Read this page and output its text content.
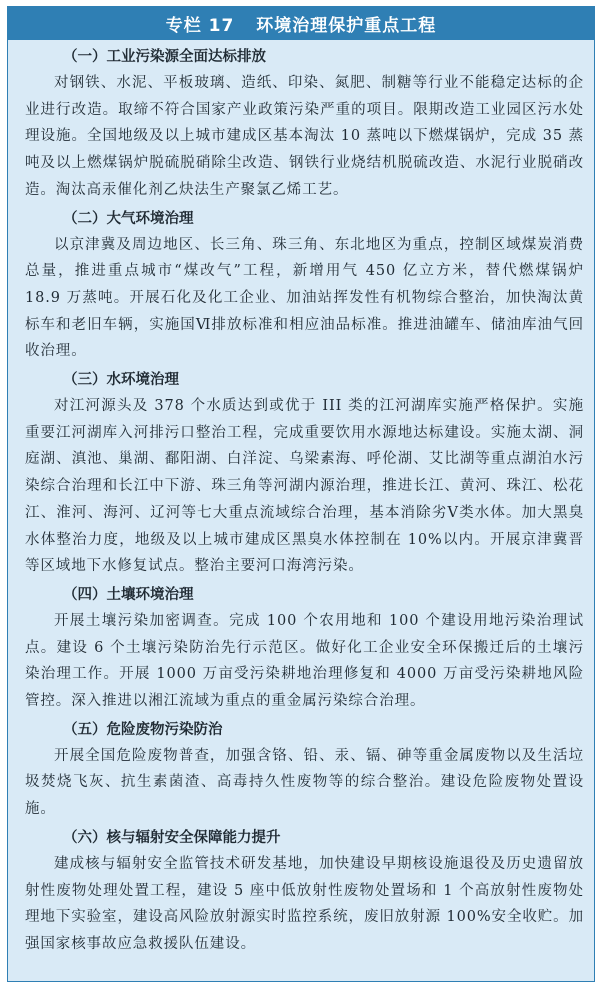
专栏 17 环境治理保护重点工程
（一）工业污染源全面达标排放

对钢铁、水泥、平板玻璃、造纸、印染、氮肥、制糖等行业不能稳定达标的企业进行改造。取缔不符合国家产业政策污染严重的项目。限期改造工业园区污水处理设施。全国地级及以上城市建成区基本淘汰 10 蒸吨以下燃煤锅炉，完成 35 蒸吨及以上燃煤锅炉脱硫脱硝除尘改造、钢铁行业烧结机脱硫改造、水泥行业脱硝改造。淘汰高汞催化剂乙炔法生产聚氯乙烯工艺。

（二）大气环境治理

以京津冀及周边地区、长三角、珠三角、东北地区为重点，控制区域煤炭消费总量，推进重点城市“煤改气”工程，新增用气 450 亿立方米，替代燃煤锅炉 18.9 万蒸吨。开展石化及化工企业、加油站挥发性有机物综合整治，加快淘汰黄标车和老旧车辆，实施国Ⅵ排放标准和相应油品标准。推进油罐车、储油库油气回收治理。

（三）水环境治理

对江河源头及 378 个水质达到或优于 III 类的江河湖库实施严格保护。实施重要江河湖库入河排污口整治工程，完成重要饮用水源地达标建设。实施太湖、洞庭湖、滇池、巢湖、鄱阳湖、白洋淀、乌梁素海、呼伦湖、艾比湖等重点湖泊水污染综合治理和长江中下游、珠三角等河湖内源治理，推进长江、黄河、珠江、松花江、淮河、海河、辽河等七大重点流域综合治理，基本消除劣Ⅴ类水体。加大黑臭水体整治力度，地级及以上城市建成区黑臭水体控制在 10%以内。开展京津冀晋等区域地下水修复试点。整治主要河口海湾污染。

（四）土壤环境治理

开展土壤污染加密调查。完成 100 个农用地和 100 个建设用地污染治理试点。建设 6 个土壤污染防治先行示范区。做好化工企业安全环保搬迁后的土壤污染治理工作。开展 1000 万亩受污染耕地治理修复和 4000 万亩受污染耕地风险管控。深入推进以湘江流域为重点的重金属污染综合治理。

（五）危险废物污染防治

开展全国危险废物普查，加强含铬、铅、汞、镉、砷等重金属废物以及生活垃圾焚烧飞灰、抗生素菌渣、高毒持久性废物等的综合整治。建设危险废物处置设施。

（六）核与辐射安全保障能力提升

建成核与辐射安全监管技术研发基地，加快建设早期核设施退役及历史遗留放射性废物处理处置工程，建设 5 座中低放射性废物处置场和 1 个高放射性废物处理地下实验室，建设高风险放射源实时监控系统，废旧放射源 100%安全收贮。加强国家核事故应急救援队伍建设。
